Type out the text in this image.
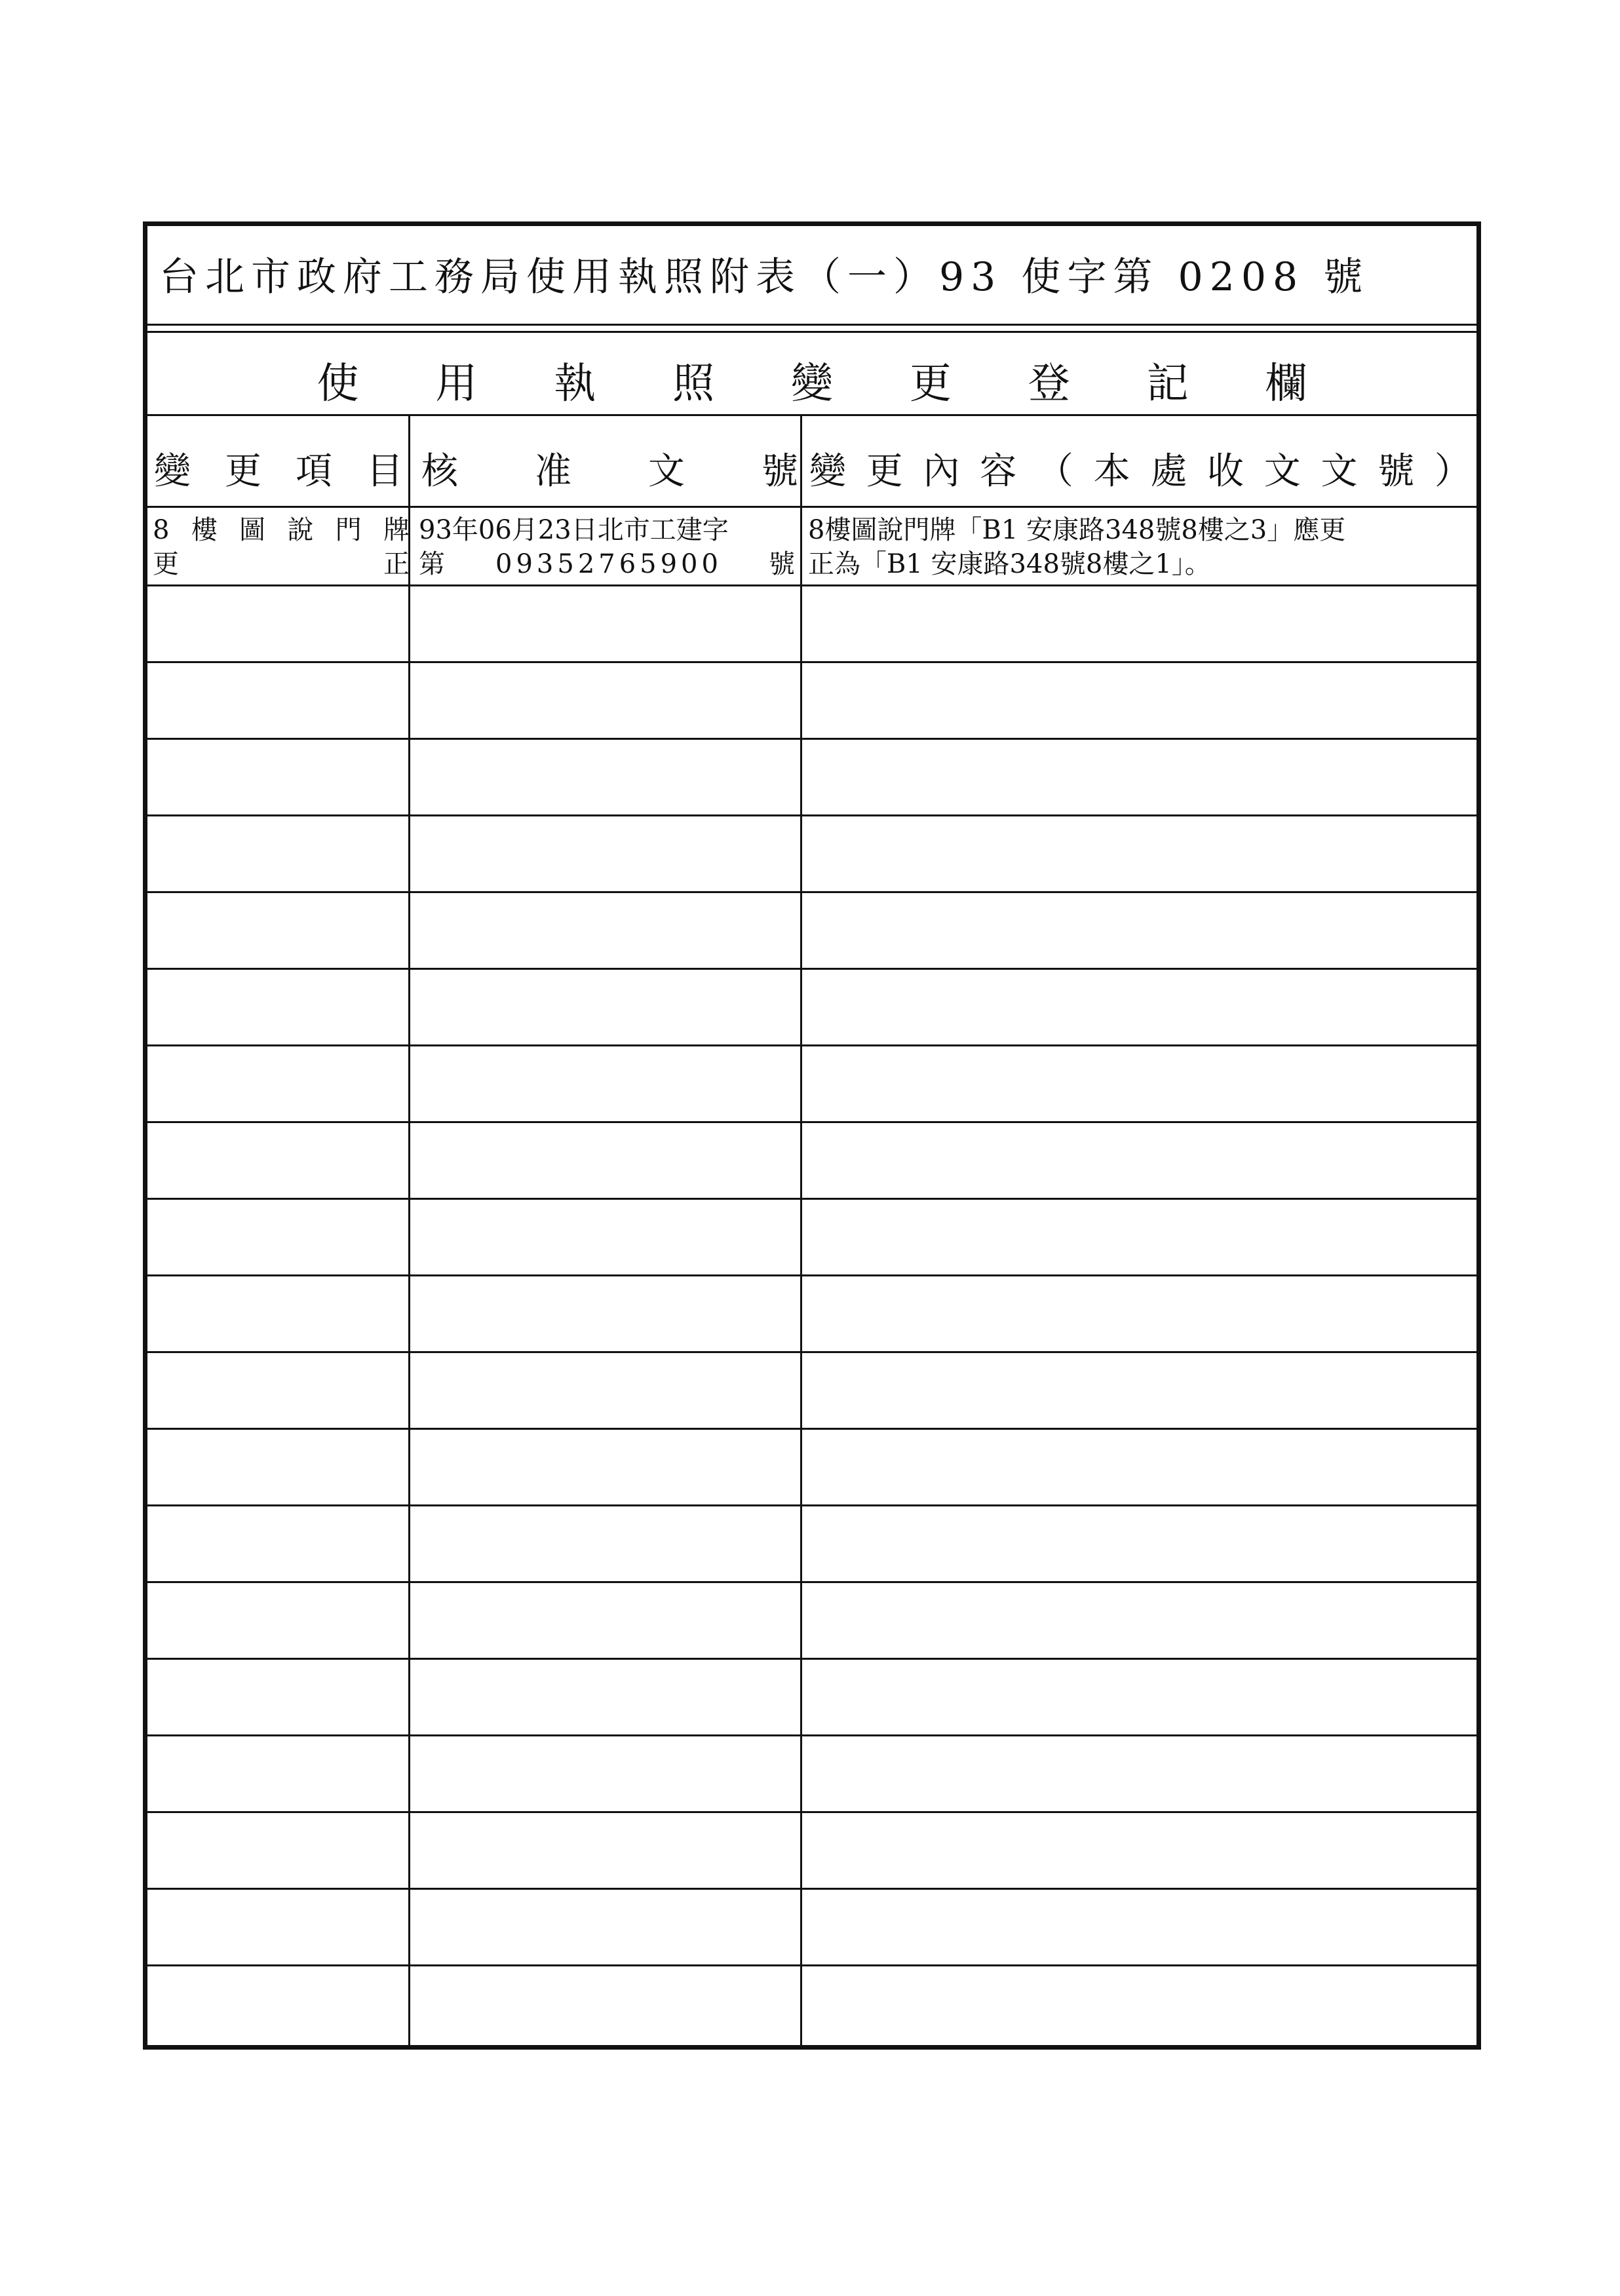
台北市政府工務局使用執照附表（一）93 使字第 0208 號
使 用 執 照 變 更 登 記 欄
變 更 項 目 核 准 文 號 變 更 內 容 （ 本 處 收 文 文 號 ）
8 樓 圖 說 門 牌
更	正
93年06月23日北市工建字
第 09352765900 號
8樓圖說門牌「B1 安康路348號8樓之3」應更
正為「B1 安康路348號8樓之1」。
